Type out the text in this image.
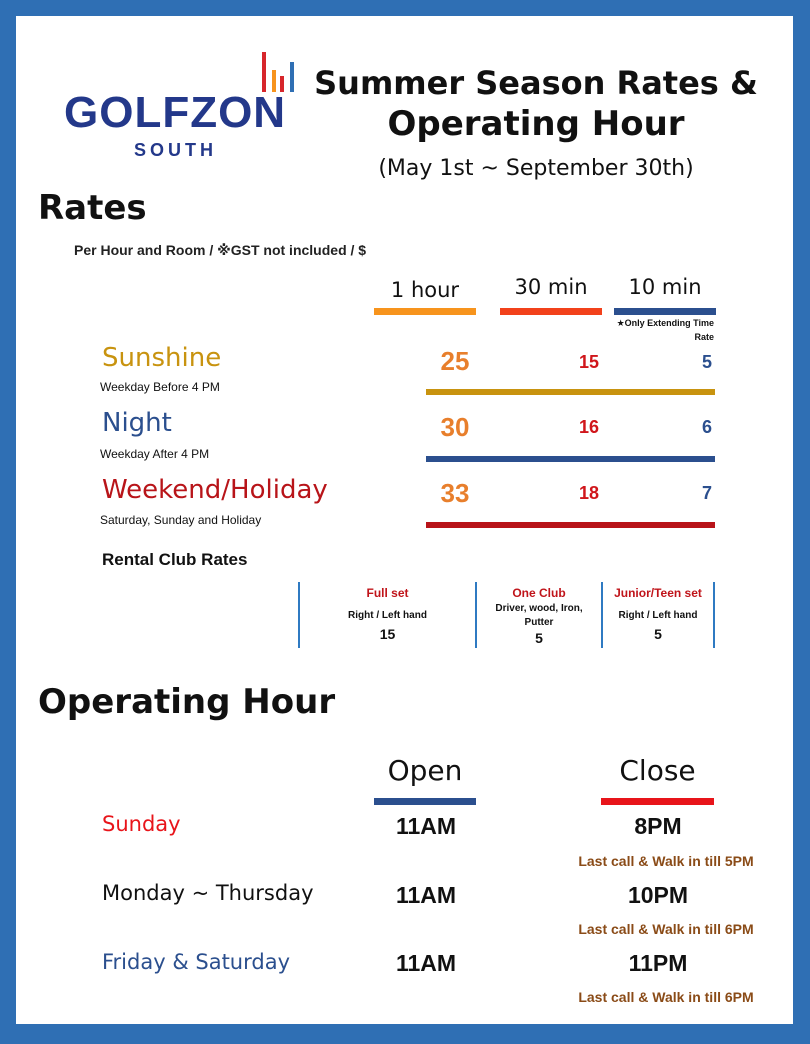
GOLFZON
SOUTH
Summer Season Rates &
Operating Hour
(May 1st ~ September 30th)
Rates
Per Hour and Room / ※GST not included / $
1 hour	30 min	10 min
★Only Extending Time
Rate
Sunshine
Weekday Before 4 PM
25	15	5
Night
Weekday After 4 PM
30	16	6
Weekend/Holiday
Saturday, Sunday and Holiday
33	18	7
Rental Club Rates
Full set
Right / Left hand
15
One Club
Driver, wood, Iron,
Putter
5
Junior/Teen set
Right / Left hand
5
Operating Hour
Open	Close
Sunday	11AM	8PM
Last call & Walk in till 5PM
Monday ~ Thursday	11AM	10PM
Last call & Walk in till 6PM
Friday & Saturday	11AM	11PM
Last call & Walk in till 6PM
